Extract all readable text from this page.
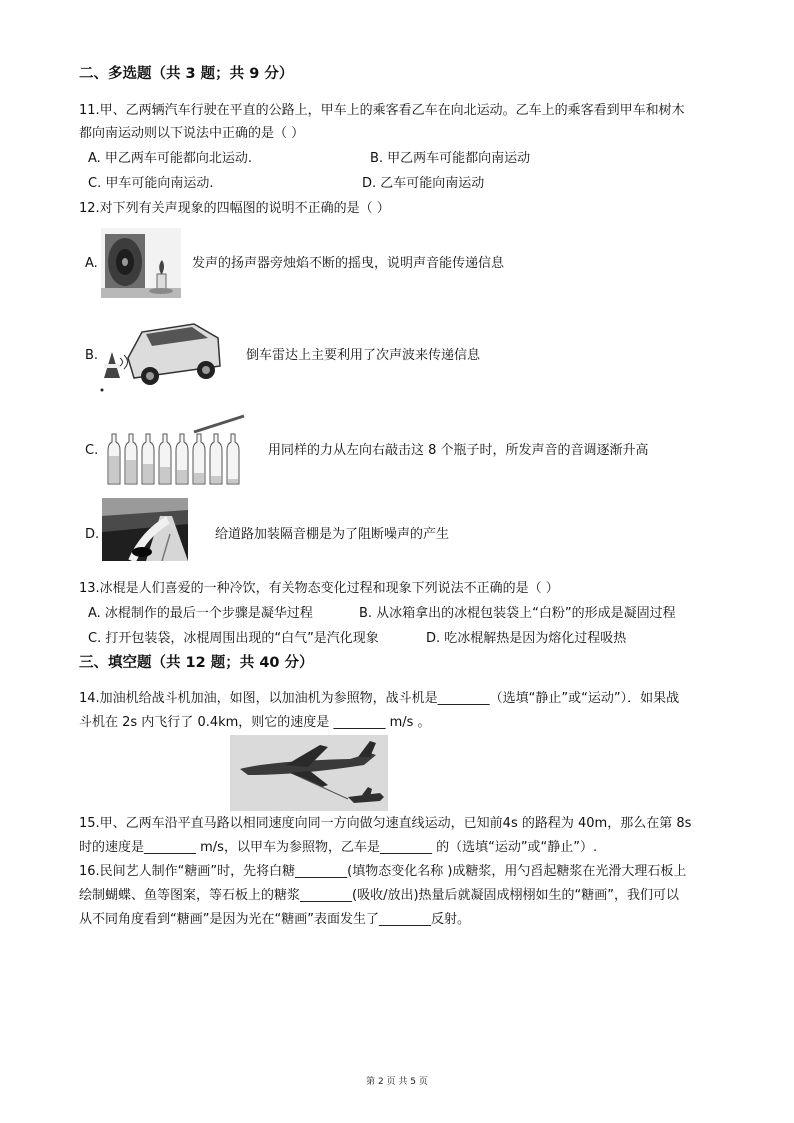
二、多选题（共 3 题；共 9 分）
11.甲、乙两辆汽车行驶在平直的公路上，甲车上的乘客看乙车在向北运动。乙车上的乘客看到甲车和树木
都向南运动则以下说法中正确的是（ ）
A. 甲乙两车可能都向北运动.	B. 甲乙两车可能都向南运动
C. 甲车可能向南运动.	D. 乙车可能向南运动
12.对下列有关声现象的四幅图的说明不正确的是（ ）
A.	发声的扬声器旁烛焰不断的摇曳，说明声音能传递信息
B.	倒车雷达上主要利用了次声波来传递信息
C.	用同样的力从左向右敲击这 8 个瓶子时，所发声音的音调逐渐升高
D.	给道路加装隔音棚是为了阻断噪声的产生
13.冰棍是人们喜爱的一种冷饮，有关物态变化过程和现象下列说法不正确的是（ ）
A. 冰棍制作的最后一个步骤是凝华过程	B. 从冰箱拿出的冰棍包装袋上“白粉”的形成是凝固过程
C. 打开包装袋，冰棍周围出现的“白气”是汽化现象	D. 吃冰棍解热是因为熔化过程吸热
三、填空题（共 12 题；共 40 分）
14.加油机给战斗机加油，如图，以加油机为参照物，战斗机是________（选填“静止”或“运动”）．如果战
斗机在 2s 内飞行了 0.4km，则它的速度是 ________ m/s 。
15.甲、乙两车沿平直马路以相同速度向同一方向做匀速直线运动，已知前4s 的路程为 40m，那么在第 8s
时的速度是________ m/s，以甲车为参照物，乙车是________ 的（选填“运动”或“静止”）.
16.民间艺人制作“糖画”时，先将白糖________(填物态变化名称 )成糖浆，用勺舀起糖浆在光滑大理石板上
绘制蝴蝶、鱼等图案，等石板上的糖浆________(吸收/放出)热量后就凝固成栩栩如生的“糖画”，我们可以
从不同角度看到“糖画”是因为光在“糖画”表面发生了________反射。
第 2 页 共 5 页
